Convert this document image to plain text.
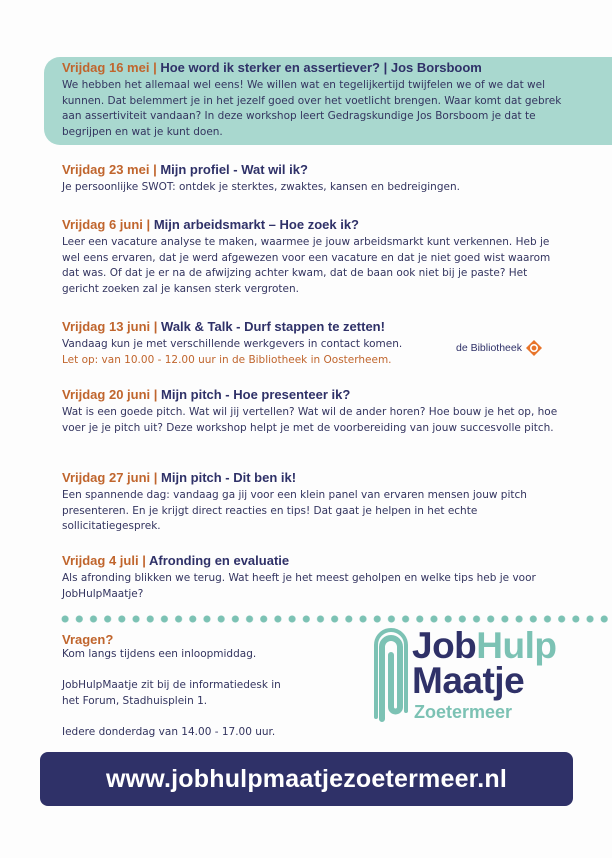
Vrijdag 16 mei | Hoe word ik sterker en assertiever? | Jos Borsboom
We hebben het allemaal wel eens! We willen wat en tegelijkertijd twijfelen we of we dat wel kunnen. Dat belemmert je in het jezelf goed over het voetlicht brengen. Waar komt dat gebrek aan assertiviteit vandaan? In deze workshop leert Gedragskundige Jos Borsboom je dat te begrijpen en wat je kunt doen.
Vrijdag 23 mei | Mijn profiel - Wat wil ik?
Je persoonlijke SWOT: ontdek je sterktes, zwaktes, kansen en bedreigingen.
Vrijdag 6 juni | Mijn arbeidsmarkt – Hoe zoek ik?
Leer een vacature analyse te maken, waarmee je jouw arbeidsmarkt kunt verkennen. Heb je wel eens ervaren, dat je werd afgewezen voor een vacature en dat je niet goed wist waarom dat was. Of dat je er na de afwijzing achter kwam, dat de baan ook niet bij je paste? Het gericht zoeken zal je kansen sterk vergroten.
Vrijdag 13 juni | Walk & Talk - Durf stappen te zetten!
Vandaag kun je met verschillende werkgevers in contact komen.
Let op: van 10.00 - 12.00 uur in de Bibliotheek in Oosterheem.
de Bibliotheek
Vrijdag 20 juni | Mijn pitch - Hoe presenteer ik?
Wat is een goede pitch. Wat wil jij vertellen? Wat wil de ander horen? Hoe bouw je het op, hoe voer je je pitch uit? Deze workshop helpt je met de voorbereiding van jouw succesvolle pitch.
Vrijdag 27 juni | Mijn pitch - Dit ben ik!
Een spannende dag: vandaag ga jij voor een klein panel van ervaren mensen jouw pitch presenteren. En je krijgt direct reacties en tips! Dat gaat je helpen in het echte sollicitatiegesprek.
Vrijdag 4 juli | Afronding en evaluatie
Als afronding blikken we terug. Wat heeft je het meest geholpen en welke tips heb je voor JobHulpMaatje?
Vragen?
Kom langs tijdens een inloopmiddag.
JobHulpMaatje zit bij de informatiedesk in
het Forum, Stadhuisplein 1.
Iedere donderdag van 14.00 - 17.00 uur.
JobHulp
Maatje
Zoetermeer
www.jobhulpmaatjezoetermeer.nl
